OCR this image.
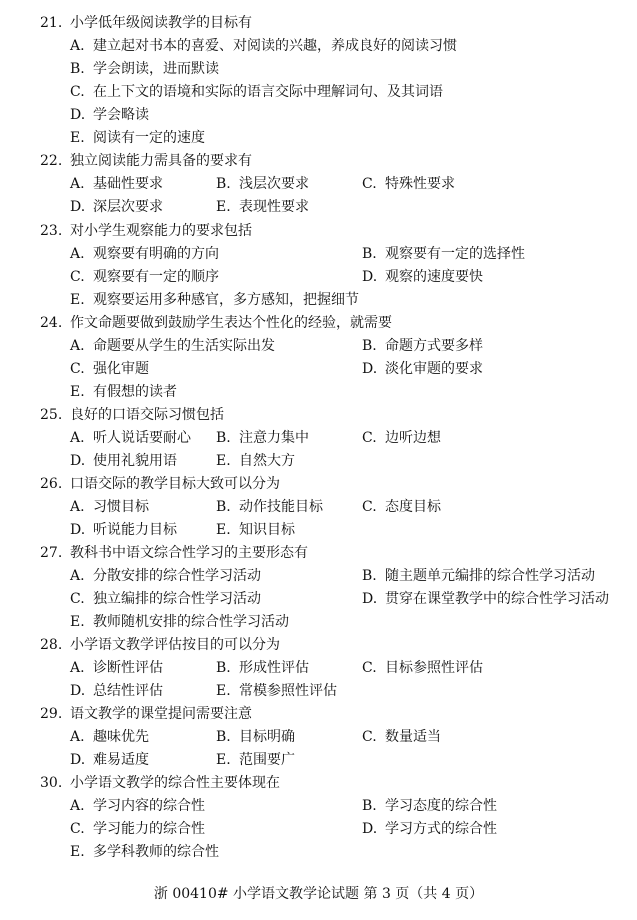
21. 小学低年级阅读教学的目标有
A. 建立起对书本的喜爱、对阅读的兴趣，养成良好的阅读习惯
B. 学会朗读，进而默读
C. 在上下文的语境和实际的语言交际中理解词句、及其词语
D. 学会略读
E. 阅读有一定的速度
22. 独立阅读能力需具备的要求有
A. 基础性要求	B. 浅层次要求	C. 特殊性要求
D. 深层次要求	E. 表现性要求
23. 对小学生观察能力的要求包括
A. 观察要有明确的方向	B. 观察要有一定的选择性
C. 观察要有一定的顺序	D. 观察的速度要快
E. 观察要运用多种感官，多方感知，把握细节
24. 作文命题要做到鼓励学生表达个性化的经验，就需要
A. 命题要从学生的生活实际出发	B. 命题方式要多样
C. 强化审题	D. 淡化审题的要求
E. 有假想的读者
25. 良好的口语交际习惯包括
A. 听人说话要耐心 B. 注意力集中	C. 边听边想
D. 使用礼貌用语	E. 自然大方
26. 口语交际的教学目标大致可以分为
A. 习惯目标	B. 动作技能目标	C. 态度目标
D. 听说能力目标	E. 知识目标
27. 教科书中语文综合性学习的主要形态有
A. 分散安排的综合性学习活动	B. 随主题单元编排的综合性学习活动
C. 独立编排的综合性学习活动	D. 贯穿在课堂教学中的综合性学习活动
E. 教师随机安排的综合性学习活动
28. 小学语文教学评估按目的可以分为
A. 诊断性评估	B. 形成性评估	C. 目标参照性评估
D. 总结性评估	E. 常模参照性评估
29. 语文教学的课堂提问需要注意
A. 趣味优先	B. 目标明确	C. 数量适当
D. 难易适度	E. 范围要广
30. 小学语文教学的综合性主要体现在
A. 学习内容的综合性	B. 学习态度的综合性
C. 学习能力的综合性	D. 学习方式的综合性
E. 多学科教师的综合性
浙 00410# 小学语文教学论试题 第 3 页（共 4 页）
